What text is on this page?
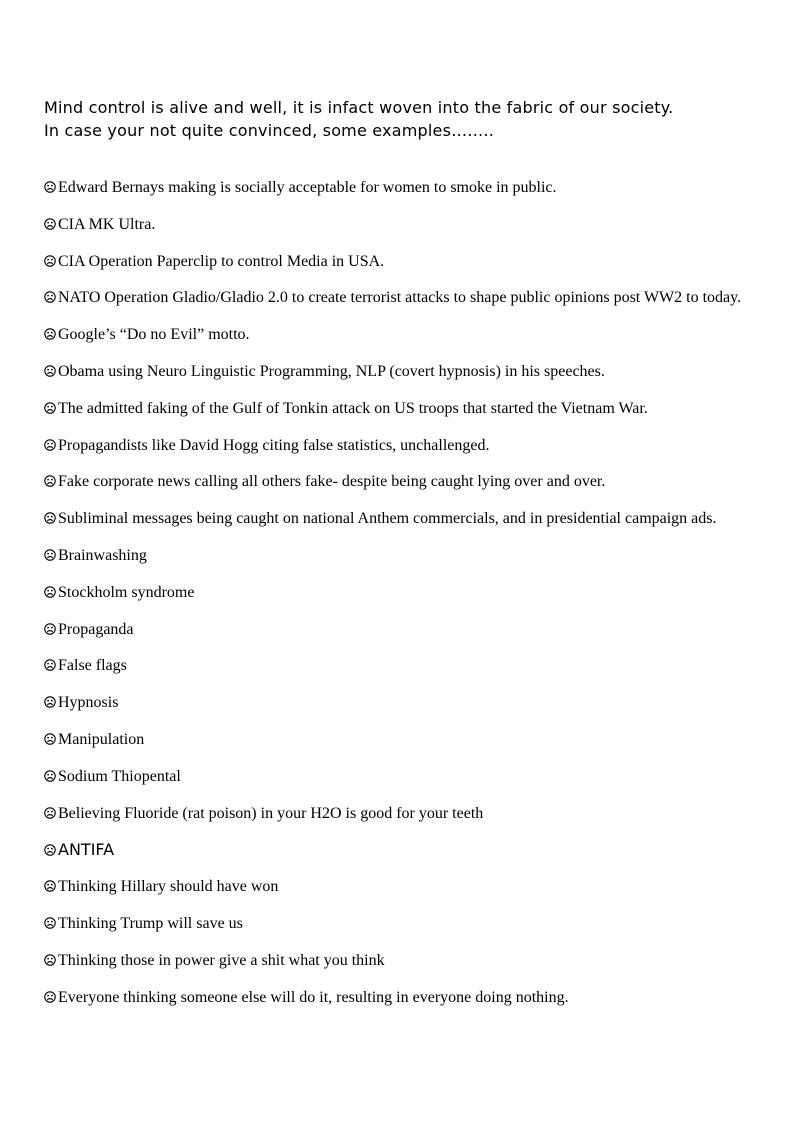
Mind control is alive and well, it is infact woven into the fabric of our society.
In case your not quite convinced, some examples……..
Edward Bernays making is socially acceptable for women to smoke in public.
CIA MK Ultra.
CIA Operation Paperclip to control Media in USA.
NATO Operation Gladio/Gladio 2.0 to create terrorist attacks to shape public opinions post WW2 to today.
Google’s “Do no Evil” motto.
Obama using Neuro Linguistic Programming, NLP (covert hypnosis) in his speeches.
The admitted faking of the Gulf of Tonkin attack on US troops that started the Vietnam War.
Propagandists like David Hogg citing false statistics, unchallenged.
Fake corporate news calling all others fake- despite being caught lying over and over.
Subliminal messages being caught on national Anthem commercials, and in presidential campaign ads.
Brainwashing
Stockholm syndrome
Propaganda
False flags
Hypnosis
Manipulation
Sodium Thiopental
Believing Fluoride (rat poison) in your H2O is good for your teeth
ANTIFA
Thinking Hillary should have won
Thinking Trump will save us
Thinking those in power give a shit what you think
Everyone thinking someone else will do it, resulting in everyone doing nothing.
